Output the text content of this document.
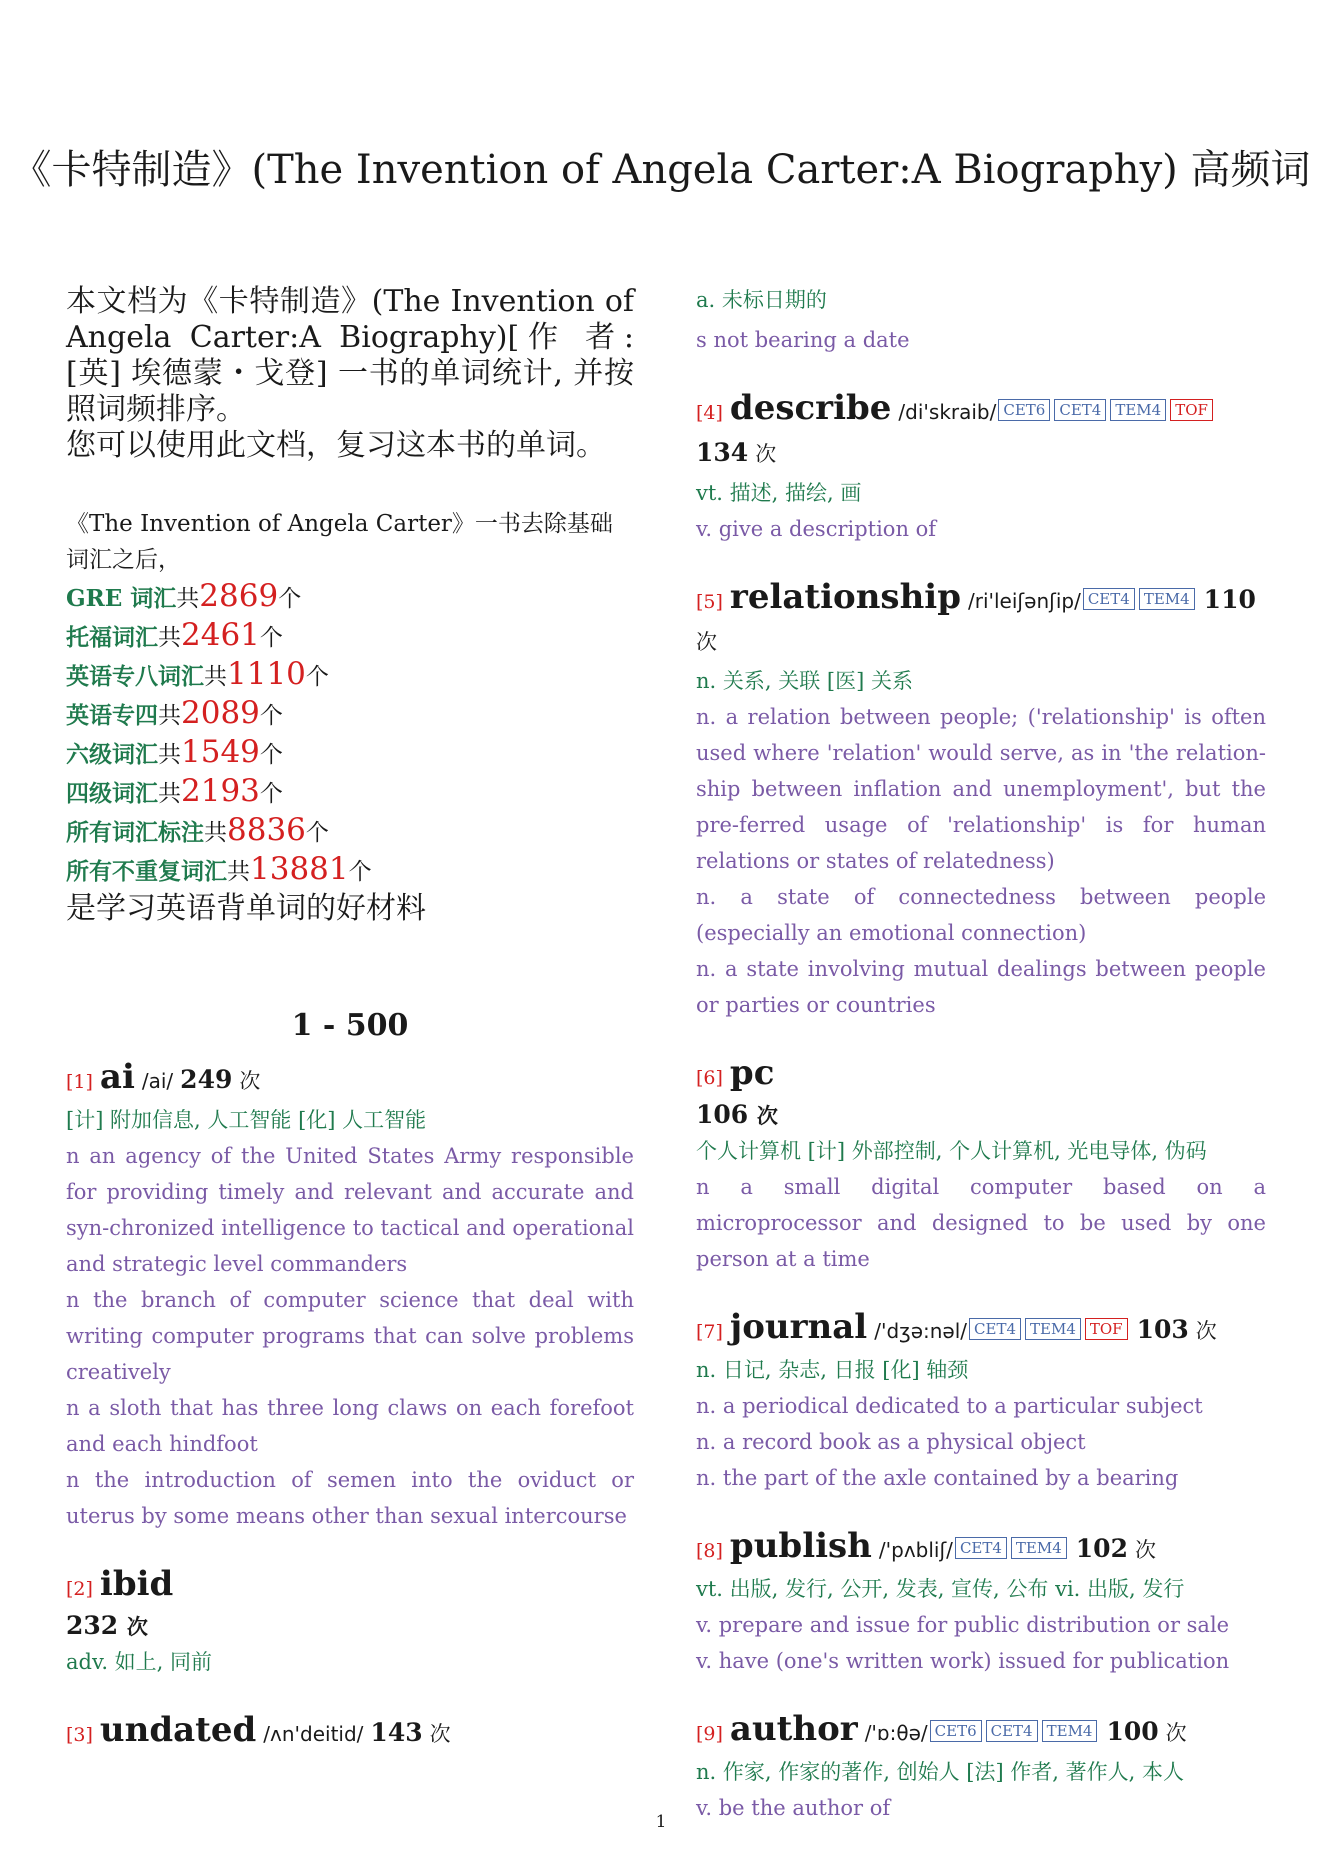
《卡特制造》(The Invention of Angela Carter:A Biography) 高频词

本文档为《卡特制造》(The Invention of Angela Carter:A Biography)[作 者: [英] 埃德蒙・戈登] 一书的单词统计, 并按照词频排序。

您可以使用此文档，复习这本书的单词。

《The Invention of Angela Carter》一书去除基础词汇之后，
GRE 词汇共2869个
托福词汇共2461个
英语专八词汇共1110个
英语专四共2089个
六级词汇共1549个
四级词汇共2193个
所有词汇标注共8836个
所有不重复词汇共13881个
是学习英语背单词的好材料
1 - 500
[1] ai /ai/ 249 次
[计] 附加信息, 人工智能 [化] 人工智能
n an agency of the United States Army responsible for providing timely and relevant and accurate and syn-chronized intelligence to tactical and operational and strategic level commanders
n the branch of computer science that deal with writing computer programs that can solve problems creatively
n a sloth that has three long claws on each forefoot and each hindfoot
n the introduction of semen into the oviduct or uterus by some means other than sexual intercourse
[2] ibid
232 次
adv. 如上, 同前
[3] undated /ʌn'deitid/ 143 次
a. 未标日期的
s not bearing a date
[4] describe /di'skraib/ CET6 CET4 TEM4 TOF 134 次
vt. 描述, 描绘, 画
v. give a description of
[5] relationship /ri'leiʃənʃip/ CET4 TEM4 110 次
n. 关系, 关联 [医] 关系
n. a relation between people; ('relationship' is often used where 'relation' would serve, as in 'the relation-ship between inflation and unemployment', but the pre-ferred usage of 'relationship' is for human relations or states of relatedness)
n. a state of connectedness between people (especially an emotional connection)
n. a state involving mutual dealings between people or parties or countries
[6] pc
106 次
个人计算机 [计] 外部控制, 个人计算机, 光电导体, 伪码
n a small digital computer based on a microprocessor and designed to be used by one person at a time
[7] journal /'dʒə:nəl/ CET4 TEM4 TOF 103 次
n. 日记, 杂志, 日报 [化] 轴颈
n. a periodical dedicated to a particular subject
n. a record book as a physical object
n. the part of the axle contained by a bearing
[8] publish /'pʌbliʃ/ CET4 TEM4 102 次
vt. 出版, 发行, 公开, 发表, 宣传, 公布 vi. 出版, 发行
v. prepare and issue for public distribution or sale
v. have (one's written work) issued for publication
[9] author /'ɒ:θə/ CET6 CET4 TEM4 100 次
n. 作家, 作家的著作, 创始人 [法] 作者, 著作人, 本人
v. be the author of
1
